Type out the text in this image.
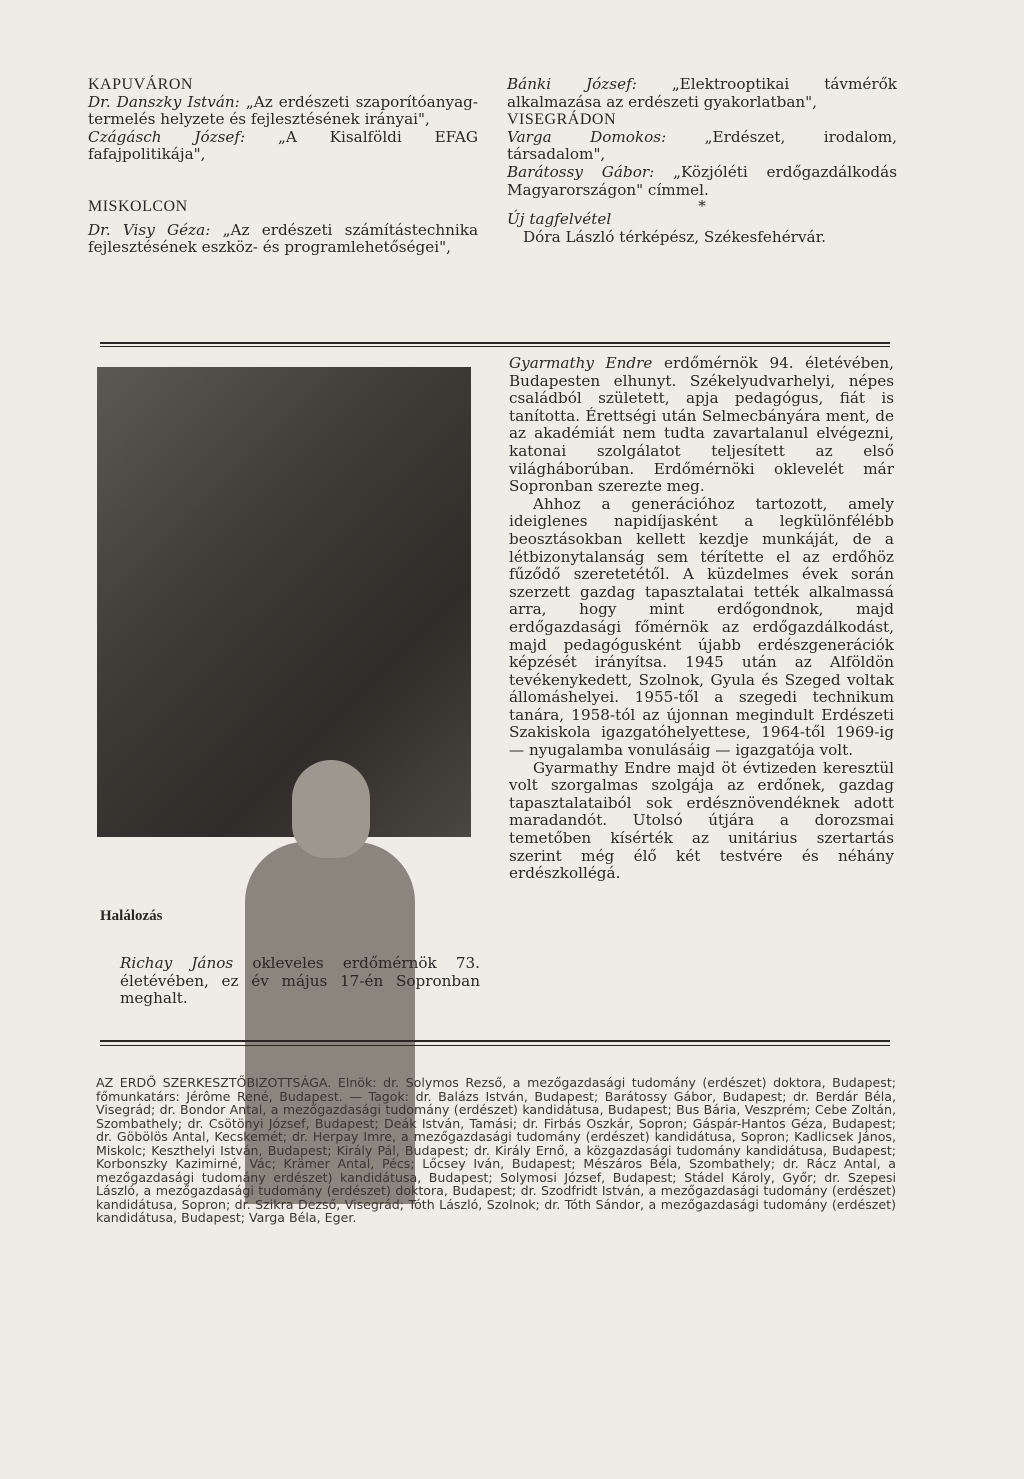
KAPUVÁRON

Dr. Danszky István: „Az erdészeti szaporítóanyag-termelés helyzete és fejlesztésének irányai",

Czágásch József: „A Kisalföldi EFAG fafajpolitikája",

MISKOLCON

Dr. Visy Géza: „Az erdészeti számítástechnika fejlesztésének eszköz- és programlehetőségei",

Bánki József: „Elektrooptikai távmérők alkalmazása az erdészeti gyakorlatban",

VISEGRÁDON

Varga Domokos:	„Erdészet, irodalom, társadalom",

Barátossy Gábor: „Közjóléti erdőgazdálkodás Magyarországon" címmel.

*

Új tagfelvétel

Dóra László térképész, Székesfehérvár.

Halálozás

Richay János okleveles erdőmérnök 73. életévében, ez év május 17-én Sopronban meghalt.

Gyarmathy Endre erdőmérnök 94. életévében, Budapesten elhunyt. Székelyudvarhelyi, népes családból született, apja pedagógus, fiát is tanította. Érettségi után Selmecbányára ment, de az akadémiát nem tudta zavartalanul elvégezni, katonai szolgálatot teljesített az első világháborúban. Erdőmérnöki oklevelét már Sopronban szerezte meg.

Ahhoz a generációhoz tartozott, amely ideiglenes napidíjasként a legkülönfélébb beosztásokban kellett kezdje munkáját, de a létbizonytalanság sem térítette el az erdőhöz fűződő szeretetétől. A küzdelmes évek során szerzett gazdag tapasztalatai tették alkalmassá arra, hogy mint erdőgondnok, majd erdőgazdasági főmérnök az erdőgazdálkodást, majd pedagógusként újabb erdészgenerációk képzését irányítsa. 1945 után az Alföldön tevékenykedett, Szolnok, Gyula és Szeged voltak állomáshelyei. 1955-től a szegedi technikum tanára, 1958-tól az újonnan megindult Erdészeti Szakiskola igazgatóhelyettese, 1964-től 1969-ig — nyugalamba vonulásáig — igazgatója volt.

Gyarmathy Endre majd öt évtizeden keresztül volt szorgalmas szolgája az erdőnek, gazdag tapasztalataiból sok erdésznövendéknek adott maradandót. Utolsó útjára a dorozsmai temetőben kísérték az unitárius szertartás szerint még élő két testvére és néhány erdészkollégá.

AZ ERDŐ SZERKESZTŐBIZOTTSÁGA. Elnök: dr. Solymos Rezső, a mezőgazdasági tudomány (erdészet) doktora, Budapest; főmunkatárs: Jérôme René, Budapest. — Tagok: dr. Balázs István, Budapest; Barátossy Gábor, Budapest; dr. Berdár Béla, Visegrád; dr. Bondor Antal, a mezőgazdasági tudomány (erdészet) kandidátusa, Budapest; Bus Bária, Veszprém; Cebe Zoltán, Szombathely; dr. Csötönyi József, Budapest; Deák István, Tamási; dr. Firbás Oszkár, Sopron; Gáspár-Hantos Géza, Budapest; dr. Göbölös Antal, Kecskemét; dr. Herpay Imre, a mezőgazdasági tudomány (erdészet) kandidátusa, Sopron; Kadlicsek János, Miskolc; Keszthelyi István, Budapest; Király Pál, Budapest; dr. Király Ernő, a közgazdasági tudomány kandidátusa, Budapest; Korbonszky Kazimirné, Vác; Krämer Antal, Pécs; Lőcsey Iván, Budapest; Mészáros Béla, Szombathely; dr. Rácz Antal, a mezőgazdasági tudomány erdészet) kandidátusa, Budapest; Solymosi József, Budapest; Stádel Károly, Győr; dr. Szepesi László, a mezőgazdasági tudomány (erdészet) doktora, Budapest; dr. Szodfridt István, a mezőgazdasági tudomány (erdészet) kandidátusa, Sopron; dr. Szikra Dezső, Visegrád; Tóth László, Szolnok; dr. Tóth Sándor, a mezőgazdasági tudomány (erdészet) kandidátusa, Budapest; Varga Béla, Eger.
